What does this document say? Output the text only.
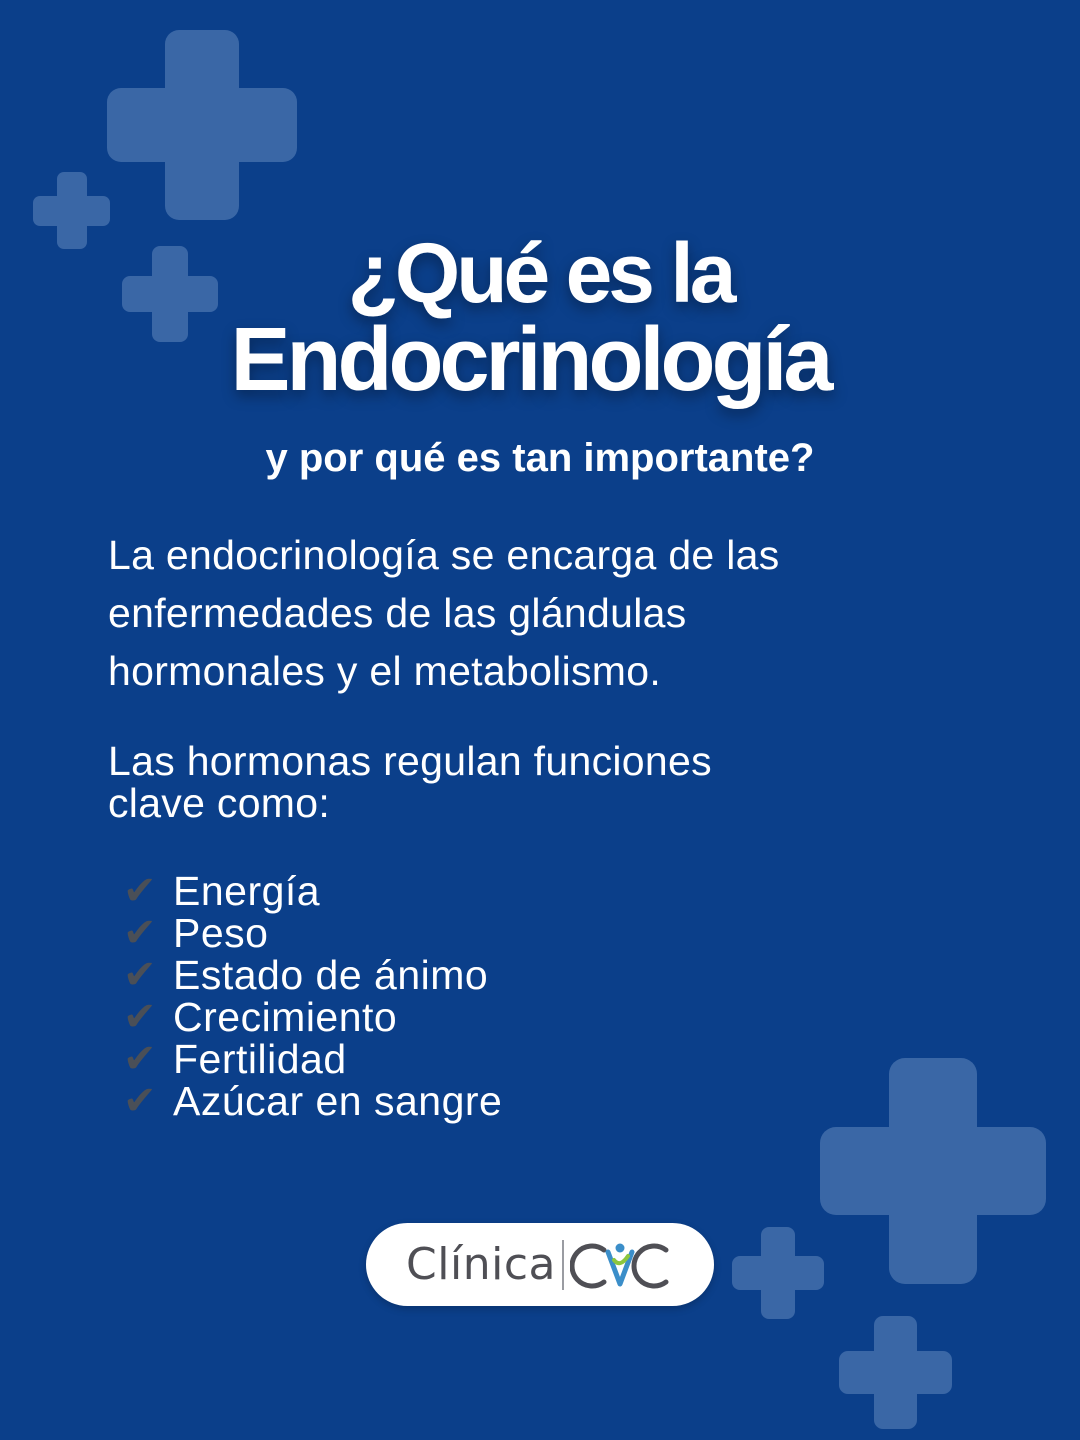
¿Qué es la
Endocrinología
y por qué es tan importante?
La endocrinología se encarga de las
enfermedades de las glándulas
hormonales y el metabolismo.
Las hormonas regulan funciones
clave como:
✔ Energía
✔ Peso
✔ Estado de ánimo
✔ Crecimiento
✔ Fertilidad
✔ Azúcar en sangre
Clínica
